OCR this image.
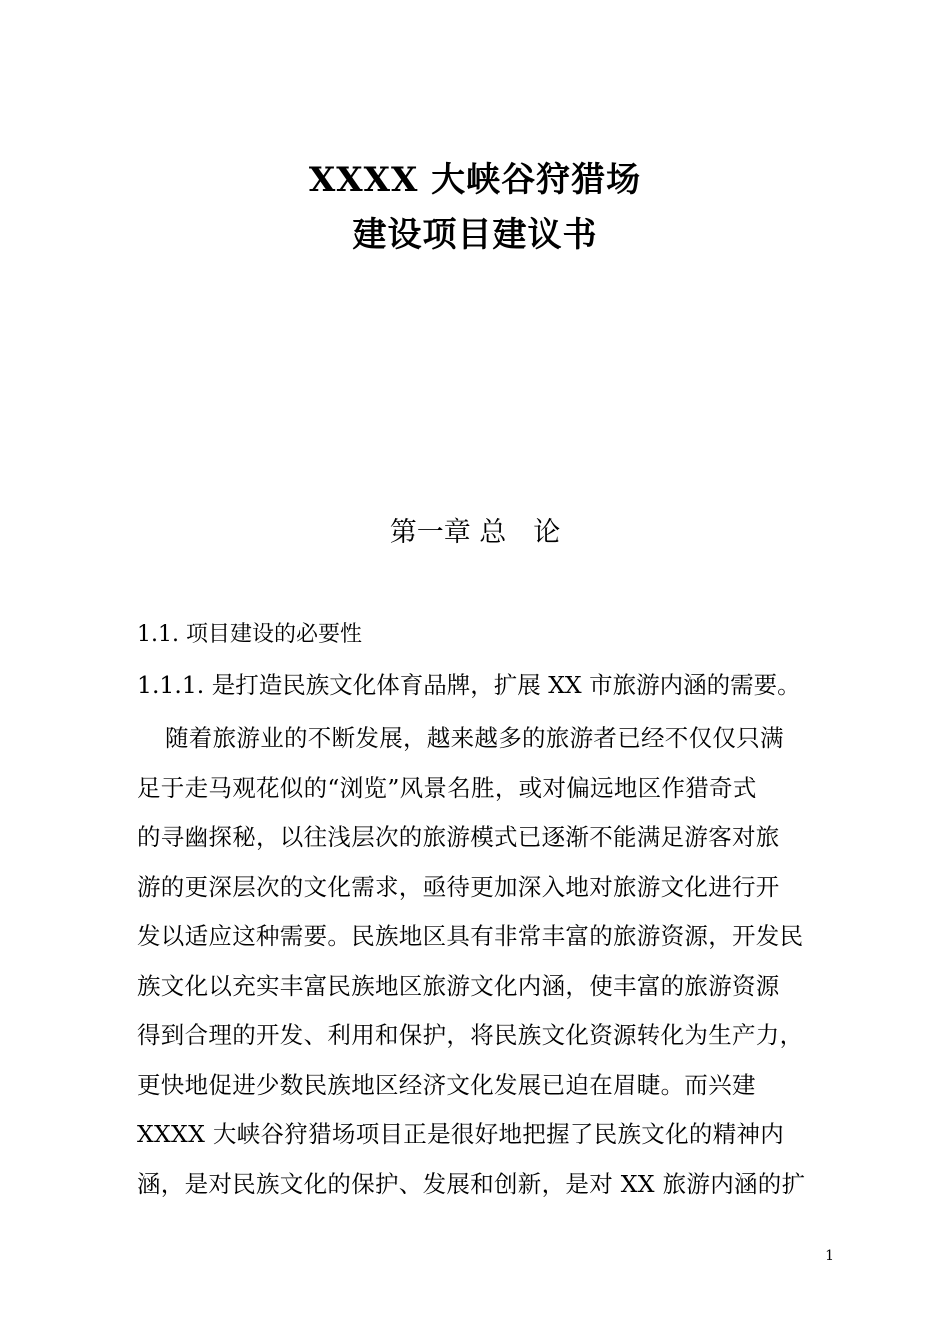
XXXX 大峡谷狩猎场
建设项目建议书
第一章 总　论
1.1. 项目建设的必要性
1.1.1. 是打造民族文化体育品牌，扩展 XX 市旅游内涵的需要。
随着旅游业的不断发展，越来越多的旅游者已经不仅仅只满
足于走马观花似的“浏览”风景名胜，或对偏远地区作猎奇式
的寻幽探秘，以往浅层次的旅游模式已逐渐不能满足游客对旅
游的更深层次的文化需求，亟待更加深入地对旅游文化进行开
发以适应这种需要。民族地区具有非常丰富的旅游资源，开发民
族文化以充实丰富民族地区旅游文化内涵，使丰富的旅游资源
得到合理的开发、利用和保护，将民族文化资源转化为生产力，
更快地促进少数民族地区经济文化发展已迫在眉睫。而兴建
XXXX 大峡谷狩猎场项目正是很好地把握了民族文化的精神内
涵，是对民族文化的保护、发展和创新，是对 XX 旅游内涵的扩
1
